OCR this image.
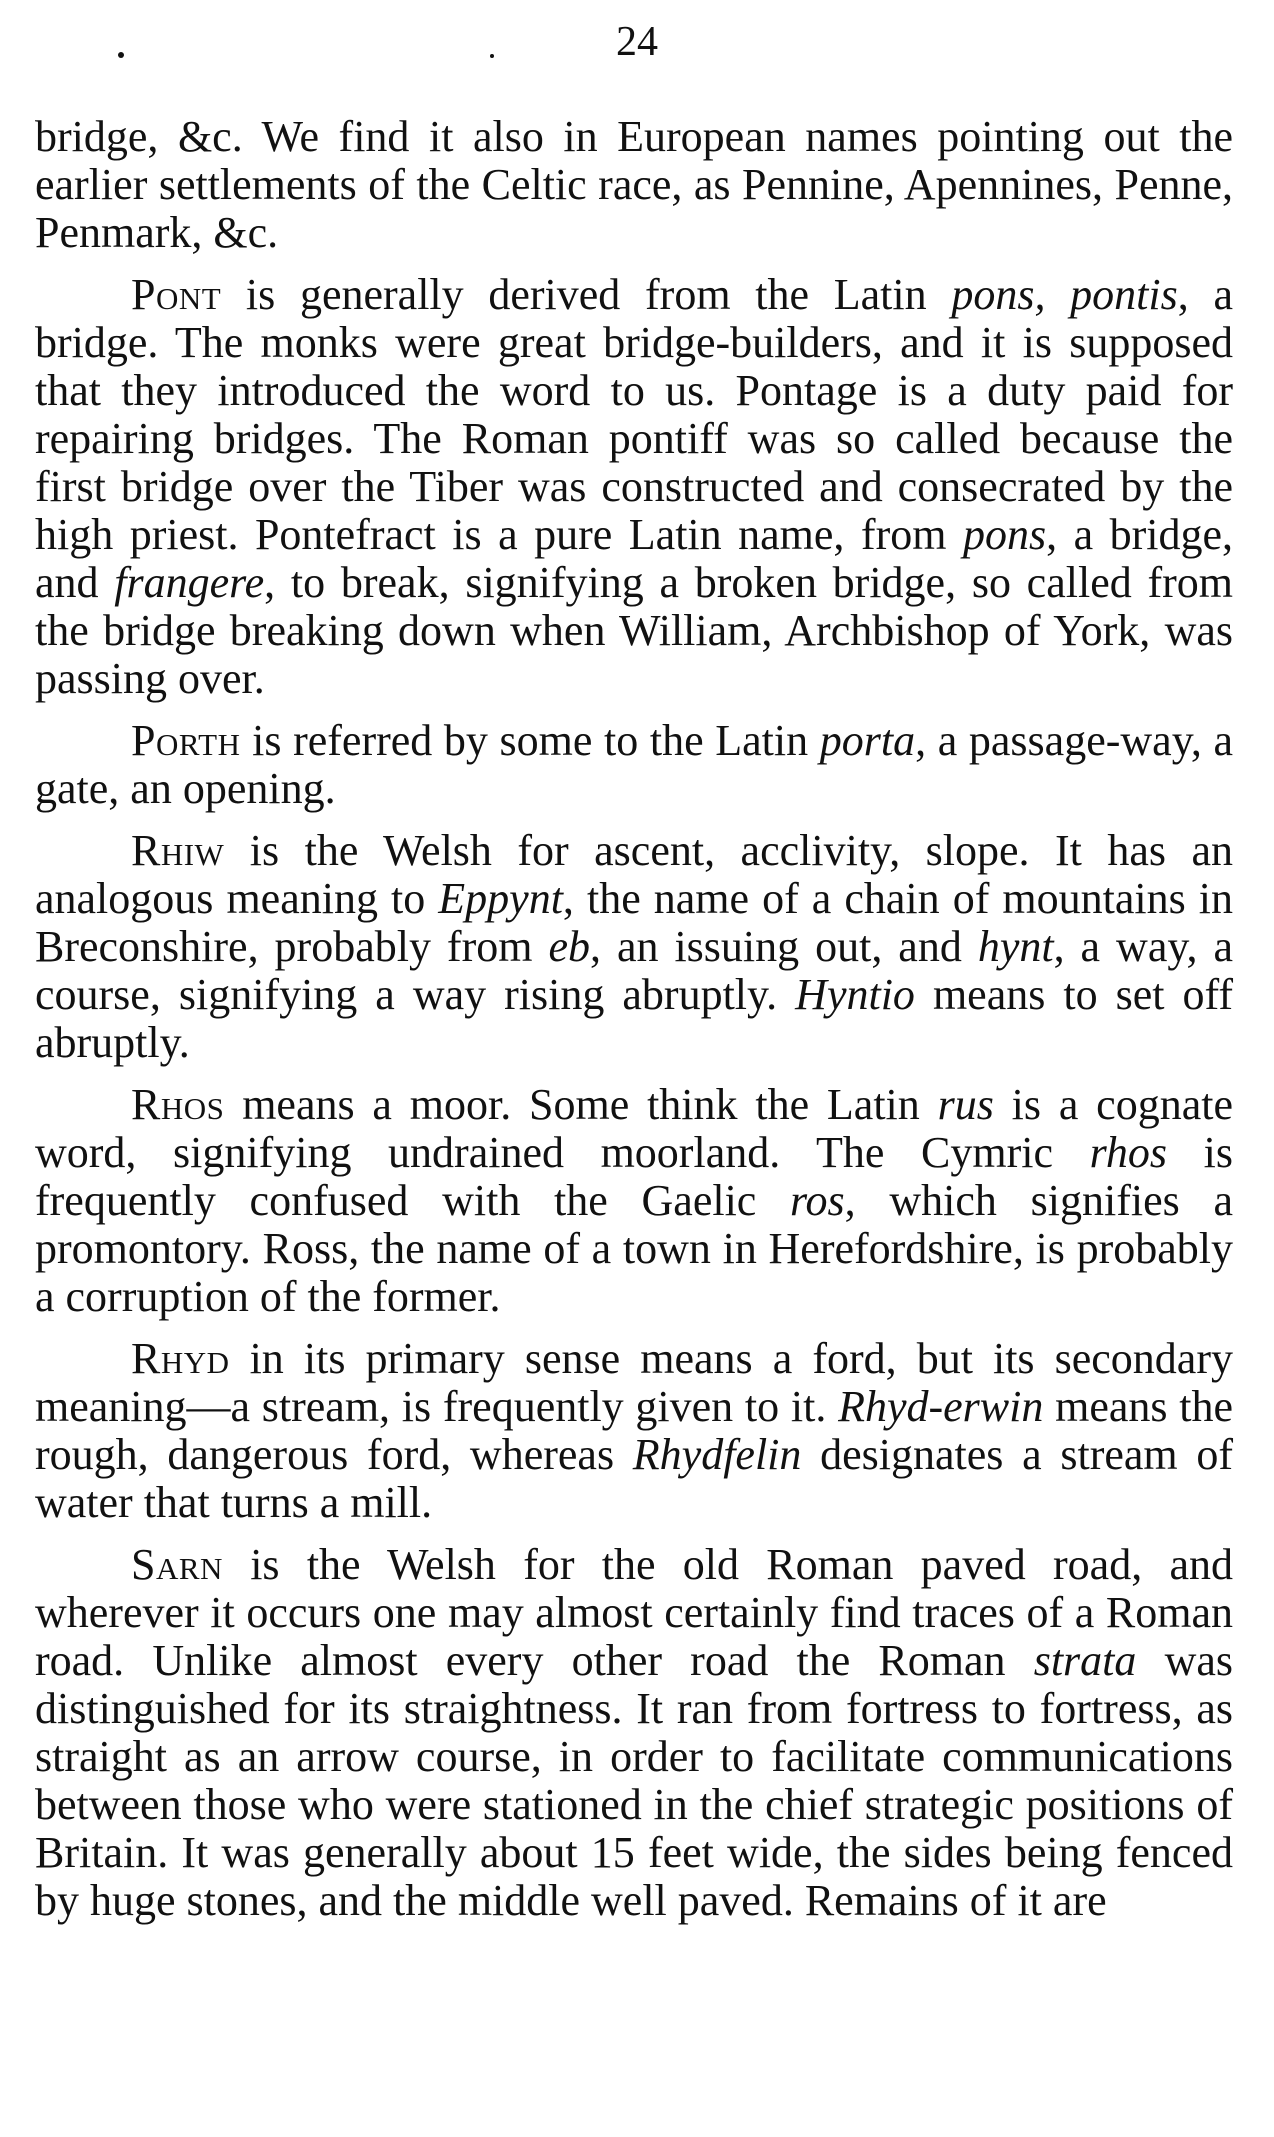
24

bridge, &c. We find it also in European names pointing out the earlier settlements of the Celtic race, as Pennine, Apennines, Penne, Penmark, &c.

Pont is generally derived from the Latin pons, pontis, a bridge. The monks were great bridge-builders, and it is supposed that they introduced the word to us. Pontage is a duty paid for repairing bridges. The Roman pontiff was so called because the first bridge over the Tiber was constructed and consecrated by the high priest. Pontefract is a pure Latin name, from pons, a bridge, and frangere, to break, signifying a broken bridge, so called from the bridge breaking down when William, Archbishop of York, was passing over.

Porth is referred by some to the Latin porta, a passage-way, a gate, an opening.

Rhiw is the Welsh for ascent, acclivity, slope. It has an analogous meaning to Eppynt, the name of a chain of mountains in Breconshire, probably from eb, an issuing out, and hynt, a way, a course, signifying a way rising abruptly. Hyntio means to set off abruptly.

Rhos means a moor. Some think the Latin rus is a cognate word, signifying undrained moorland. The Cymric rhos is frequently confused with the Gaelic ros, which signifies a promontory. Ross, the name of a town in Herefordshire, is probably a corruption of the former.

Rhyd in its primary sense means a ford, but its secondary meaning—a stream, is frequently given to it. Rhyd-erwin means the rough, dangerous ford, whereas Rhydfelin designates a stream of water that turns a mill.

Sarn is the Welsh for the old Roman paved road, and wherever it occurs one may almost certainly find traces of a Roman road. Unlike almost every other road the Roman strata was distinguished for its straightness. It ran from fortress to fortress, as straight as an arrow course, in order to facilitate communications between those who were stationed in the chief strategic positions of Britain. It was generally about 15 feet wide, the sides being fenced by huge stones, and the middle well paved. Remains of it are
